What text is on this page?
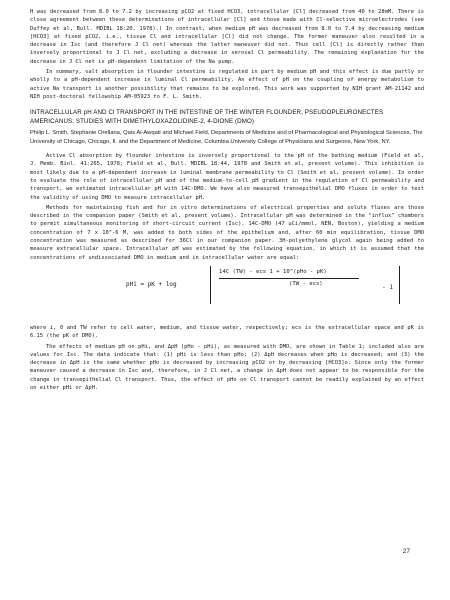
H was decreased from 8.0 to 7.2 by increasing pCO2 at fixed HCO3, intracellular [Cl] decreased from 40 to 28mM. There is close agreement between these determinations of intracellular [Cl] and those made with Cl-selective microelectrodes (see Duffey et al, Bull. MDIBL 18:20, 1978).) In contrast, when medium pH was decreased from 8.0 to 7.4 by decreasing medium [HCO3] at fixed pCO2, i.e., tissue Cl and intracellular [Cl] did not change. The former maneuver also resulted in a decrease in Isc (and therefore J Cl net) whereas the latter maneuver did not. Thus cell [Cl] is directly rather than inversely proportional to J Cl net, excluding a decrease in serosal Cl permeability. The remaining explanation for the decrease in J Cl net is pH-dependent limitation of the Na pump.

In summary, salt absorption in flounder intestine is regulated in part by medium pH and this effect is due partly or wholly to a pH-dependent increase in luminal Cl permeability. An effect of pH on the coupling of energy metabolism to active Na transport is another possibility that remains to be explored. This work was supported by NIH grant AM-21142 and NIH post-doctoral fellowship AM-05923 to F. L. Smith.

INTRACELLULAR pH AND Cl TRANSPORT IN THE INTESTINE OF THE WINTER FLOUNDER, PSEUDOPLEURONECTES AMERICANUS: STUDIES WITH DIMETHYLOXAZOLIDINE-2, 4-DIONE (DMO)
Philip L. Smith, Stephanie Orellana, Qais Al-Awqati and Michael Field, Departments of Medicine and of Pharmacological and Physiological Sciences, The University of Chicago, Chicago, Il. and the Department of Medicine, Columbia University College of Physicians and Surgeons, New York, NY.

Active Cl absorption by flounder intestine is inversely proportional to the pH of the bathing medium (Field et al, J. Memb. Biol. 41:265, 1978; Field et al, Bull. MDIBL 18:44, 1978 and Smith et al, present volume). This inhibition is most likely due to a pH-dependent increase in luminal membrane permeability to Cl (Smith et al, present volume). In order to evaluate the role of intracellular pH and of the medium-to-cell pH gradient in the regulation of Cl permeability and transport, we estimated intracellular pH with 14C-DMO. We have also measured transepithelial DMO fluxes in order to test the validity of using DMO to measure intracellular pH.

Methods for maintaining fish and for in vitro determinations of electrical properties and solute fluxes are those described in the companion paper (Smith et al, present volume). Intracellular pH was determined in the "influx" chambers to permit simultaneous monitoring of short-circuit current (Isc). 14C-DMO (47 uCi/mmol, NEN, Boston), yielding a medium concentration of 7 x 10^-6 M, was added to both sides of the epithelium and, after 60 min equilibration, tissue DMO concentration was measured as described for 36Cl in our companion paper. 3H-polyethylene glycol again being added to measure extracellular space. Intracellular pH was estimated by the following equation, in which it is assumed that the concentrations of undissociated DMO in medium and in intracellular water are equal:

pHi = pK + log
14C (TW) - ecs 1 + 10^(pHo - pK)
(TW - ecs)	- 1

where i, 0 and TW refer to cell water, medium, and tissue water, respectively; ecs is the extracellular space and pK is 6.15 (the pK of DMO).

The effects of medium pH on pHi, and ΔpH (pHo - pHi), as measured with DMO, are shown in Table 1; included also are values for Isc. The data indicate that: (1) pHi is less than pHo; (2) ΔpH decreases when pHo is decreased; and (3) the decrease in ΔpH is the same whether pHo is decreased by increasing pCO2 or by decreasing [HCO3]o. Since only the former maneuver caused a decrease in Isc and, therefore, in J Cl net, a change in ΔpH does not appear to be responsible for the change in transepithelial Cl transport. Thus, the effect of pHo on Cl transport cannot be readily explained by an effect on either pHi or ΔpH.

27
